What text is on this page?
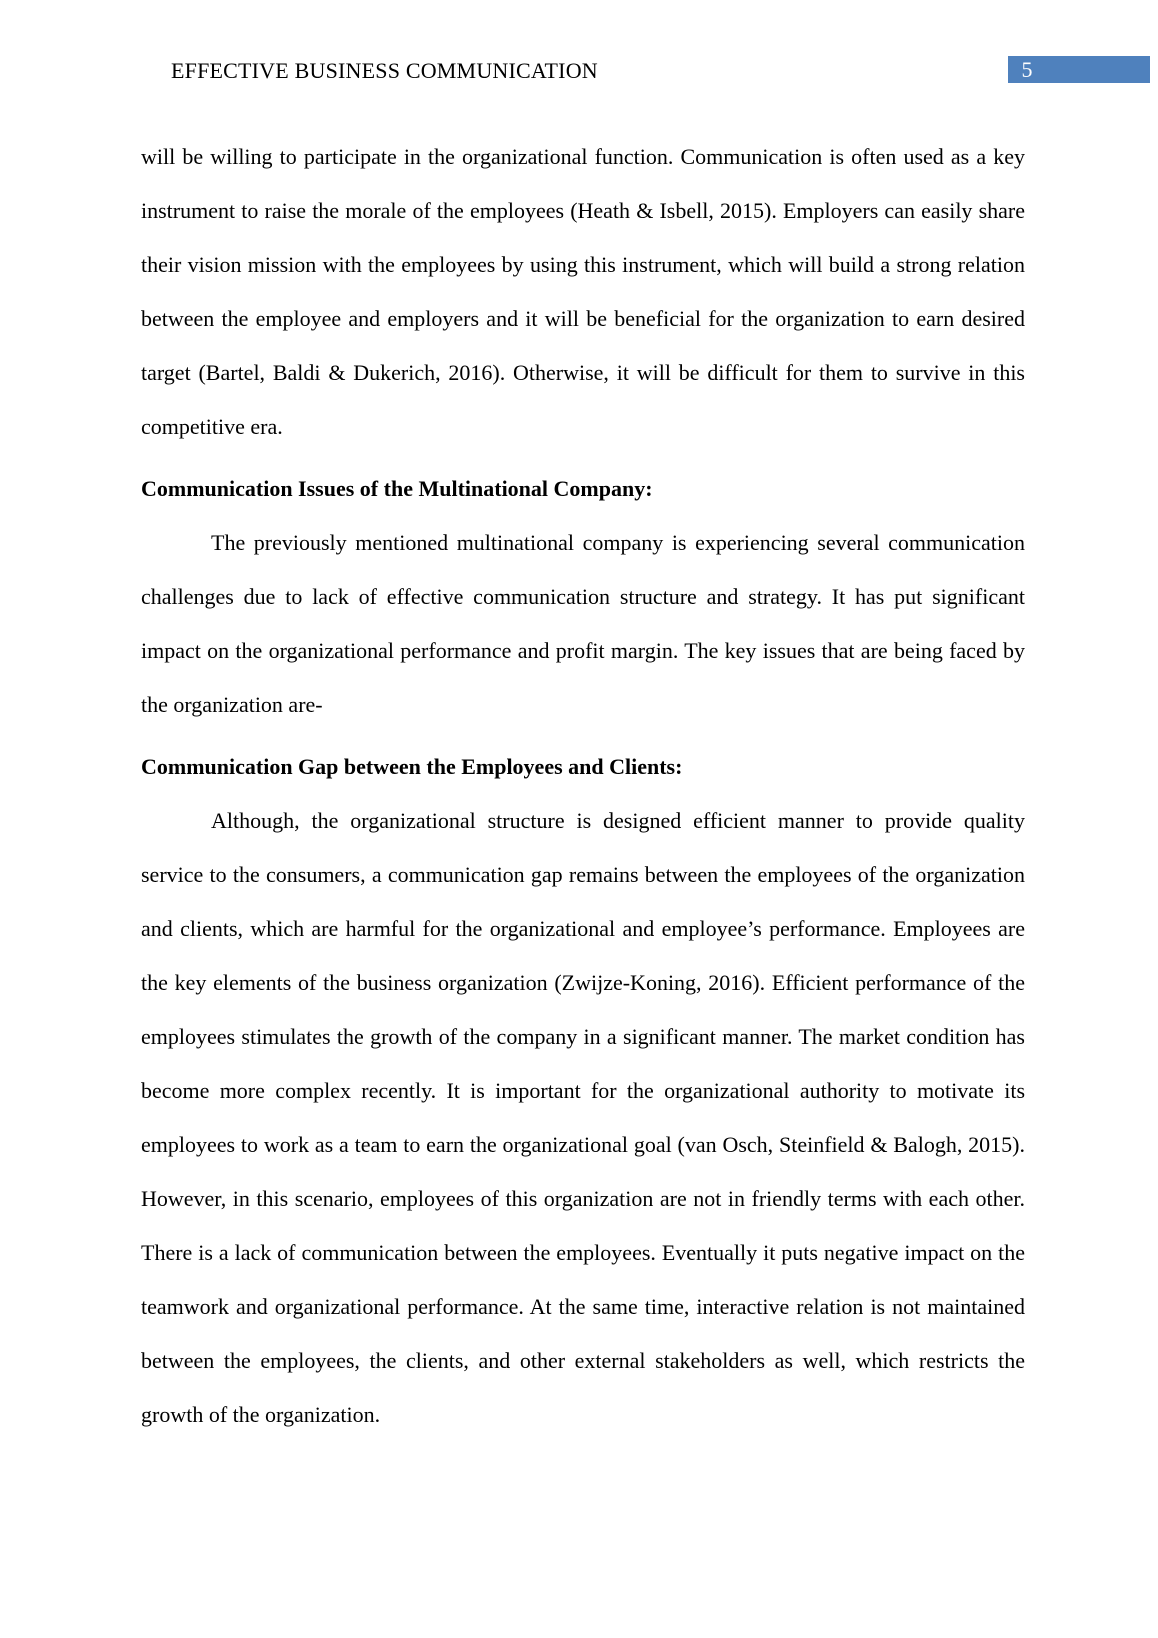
EFFECTIVE BUSINESS COMMUNICATION	5

will be willing to participate in the organizational function. Communication is often used as a key instrument to raise the morale of the employees (Heath & Isbell, 2015). Employers can easily share their vision mission with the employees by using this instrument, which will build a strong relation between the employee and employers and it will be beneficial for the organization to earn desired target (Bartel, Baldi & Dukerich, 2016). Otherwise, it will be difficult for them to survive in this competitive era.

Communication Issues of the Multinational Company:

The previously mentioned multinational company is experiencing several communication challenges due to lack of effective communication structure and strategy. It has put significant impact on the organizational performance and profit margin. The key issues that are being faced by the organization are-

Communication Gap between the Employees and Clients:

Although, the organizational structure is designed efficient manner to provide quality service to the consumers, a communication gap remains between the employees of the organization and clients, which are harmful for the organizational and employee’s performance. Employees are the key elements of the business organization (Zwijze-Koning, 2016). Efficient performance of the employees stimulates the growth of the company in a significant manner. The market condition has become more complex recently. It is important for the organizational authority to motivate its employees to work as a team to earn the organizational goal (van Osch, Steinfield & Balogh, 2015). However, in this scenario, employees of this organization are not in friendly terms with each other. There is a lack of communication between the employees. Eventually it puts negative impact on the teamwork and organizational performance. At the same time, interactive relation is not maintained between the employees, the clients, and other external stakeholders as well, which restricts the growth of the organization.
